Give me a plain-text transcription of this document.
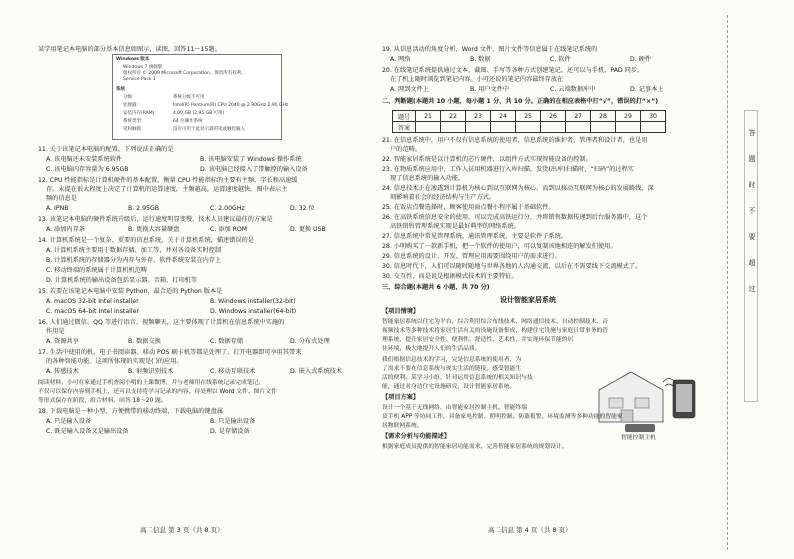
某学用笔记本电脑的部分基本信息如图示，读图，回答11～15题。
Windows 版本
Windows 7 旗舰版
版权所有 © 2009 Microsoft Corporation。保留所有权利。
Service Pack 1
系统
分级：	系统分级不可用
处理器：	Intel(R) Pentium(R) CPU 2040 @ 2.90GHz 2.90 GHz
安装内存(RAM)：	4.00 GB (2.95 GB 可用)
系统类型：	64 位操作系统
笔和触摸：	没有可用于此显示器的笔或触控输入
11. 关于该笔记本电脑的配置，下列说法正确的是
A. 该电脑还未安装系统软件	B. 该电脑安装了 Windows 操作系统
C. 该电脑内存容量为 6.95GB	D. 该电脑已经接入了带触控的输入设备
12. CPU 性能指标是计算机硬件的基本配置，衡量 CPU 性能指标的主要有主频、字长和高速缓
存。未提在很大程度上决定了计算机的运算速度，主频越高，运算速度越快。图中表示主
频的信息是
A. IPNB	B. 2.95GB	C. 2.00GHz	D. 32 位
13. 该笔记本电脑的硬件系统升级后，运行速度明显变慢，技术人员建议最佳的方案是
A. 添加内存条	B. 更换大容量硬盘	C. 添加 ROM	D. 更换 USB
14. 计算机系统是一个复杂、重要的信息系统，关于计算机系统，描述错误的是
A. 计算机系统主要用于数据存储、加工等，并对各设备实时控制
B. 计算机系统的存储器分为内存与外存，软件系统安装在内存上
C. 移动终端的系统属于计算机机范畴
D. 计算机系统的输出设备包括显示器、音箱、打印机等
15. 若要在该笔记本电脑中安装 Python，最合适的 Python 版本是
A. macOS 32-bit Intel installer	B. Windows installer(32-bit)
C. macOS 64-bit Intel installer	D. Windows installer(64-bit)
16. 人们通过微信、QQ 等进行语音、视频聊天，这主要体现了计算机在信息系统中实施的
作用是
A. 资源共享	B. 数据交换	C. 数据存储	D. 分布式处理
17. 生活中使用的机、电子书阅读器、移动 POS 刷卡机等都是处理了，打开电器即可享用其带来
的各种智能功能。这项所体现的实现是( )的应用。
A. 传感技术	B. 射频识别技术	C. 移动互联技术	D. 嵌入式系统技术
阅读材料，小可在家通过手机查阅小明的上课微博，并与老师用在线系统记录完成笔记，
不仅可以保存内容到手机上，还可以支持将学习记录的内容、待处理以 Word 文件、图片文件
等形式保存在阶段，组合材料，回答 18～20 题。
18. 下载电脑是一种小型、方便携带的移动终端，下载电脑的键盘属
A. 只是输入设备	B. 只是输出设备
C. 既是输入设备又是输出设备	D. 是存储设备
高二信息 第 3 页（共 8 页）
19. 从信息活动的角度分析，Word 文件、图片文件等信息属于在线笔记系统的
A. 网络	B. 数据	C. 软件	D. 硬件
20. 在线笔记系统提供通过文本、截图、手写等各种方式创建笔记，还可以与手机、PAD 同步，
在了机上随时浏览到笔记内容。小可还说的笔记内容最终存放在
A. 网到文件上	B. 用户文件中	C. 云端数据库中	D. 记事本上
二、判断题(本题共 10 小题，每小题 1 分，共 10 分。正确的在相应表格中打“√”，错误的打“×”)
题号	21	22	23	24	25	26	27	28	29	30
答案										
21. 在信息系统中，用户不仅有信息系统的使用者，信息系统的维护者、管理者和设计者，也是用
户的范畴。
22. 智能家居系统是以计算机的芯片硬件，以组件方式实现智能设备的控制。
23. 在物质系统应用中，工作人员用机器进行入库扫描，发货(出库)扫描时，“扫码”的过程实
现了信息系统的输入功能。
24. 信息技术正在渗透到计算机为核心到以互联网为核心，而到以移动互联网为核心的发展路线，深
刻影响着社会的经济结构与生产方式。
25. 在饭店点餐选择时，顾客使用面点餐小程序属于基础软件。
26. 在高铁系统信息安全的使用，可以完成高铁运行分，并将销售数据传递到后台服务器中，这个
高铁销售管理系统实现是最好典型的网络系统。
27. 信息系统中常见管理系统、通讯管理系统，主要是软件子系统。
28. 小明购买了一款新手机，把一个软件的使用户，可以复制该地相连的解发们使用。
29. 信息系统的设计、开发、管理应用需要围绕用户的需求进行。
30. 信息时代下，人们可以随时随地与世界各地的人沟通交流，以后在不需要线下交流模式了。
30. 交互性，而是说是根据模式技术的主要特征。
三、综合题(本题共 6 小题，共 70 分)
设计智能家居系统
【项目情境】
智能家居系统以住宅为平台，综合利用综合布线技术、网络通信技术、自动控制技术、音
视频技术等多种技术将家居生活有关的设施设备集成，构建住宅设施与家庭日常事务的管
理系统，提升家居安全性、便利性、舒适性、艺术性，并实现环保节能的居
住环境，极大地提升人们的生活品质。
我们根据信息技术的学习，完是信息系统的使用者，为
了需求不要在信息系统与现实生活的链接，感受智能生
活的便利。某学习小组，针对运用信息系统的相关知识与技
能，通过对身边住宅设施研究，设计智能家居系统。
智能控制主机
【项目方案】
设计一个基于无线网络，由智能家居控制主机、智能终端
及手机 APP 等协同工作，具备家电控制、照明控制、防盗报警、环境监测等多种功能的智能家
居物联网系统。
【需求分析与功能描述】
根据家庭成员提供的智能家居功能需求，完善智能家居系统的规划设计。
高二信息 第 4 页（共 8 页）
答
题
时
不
要
超
过
